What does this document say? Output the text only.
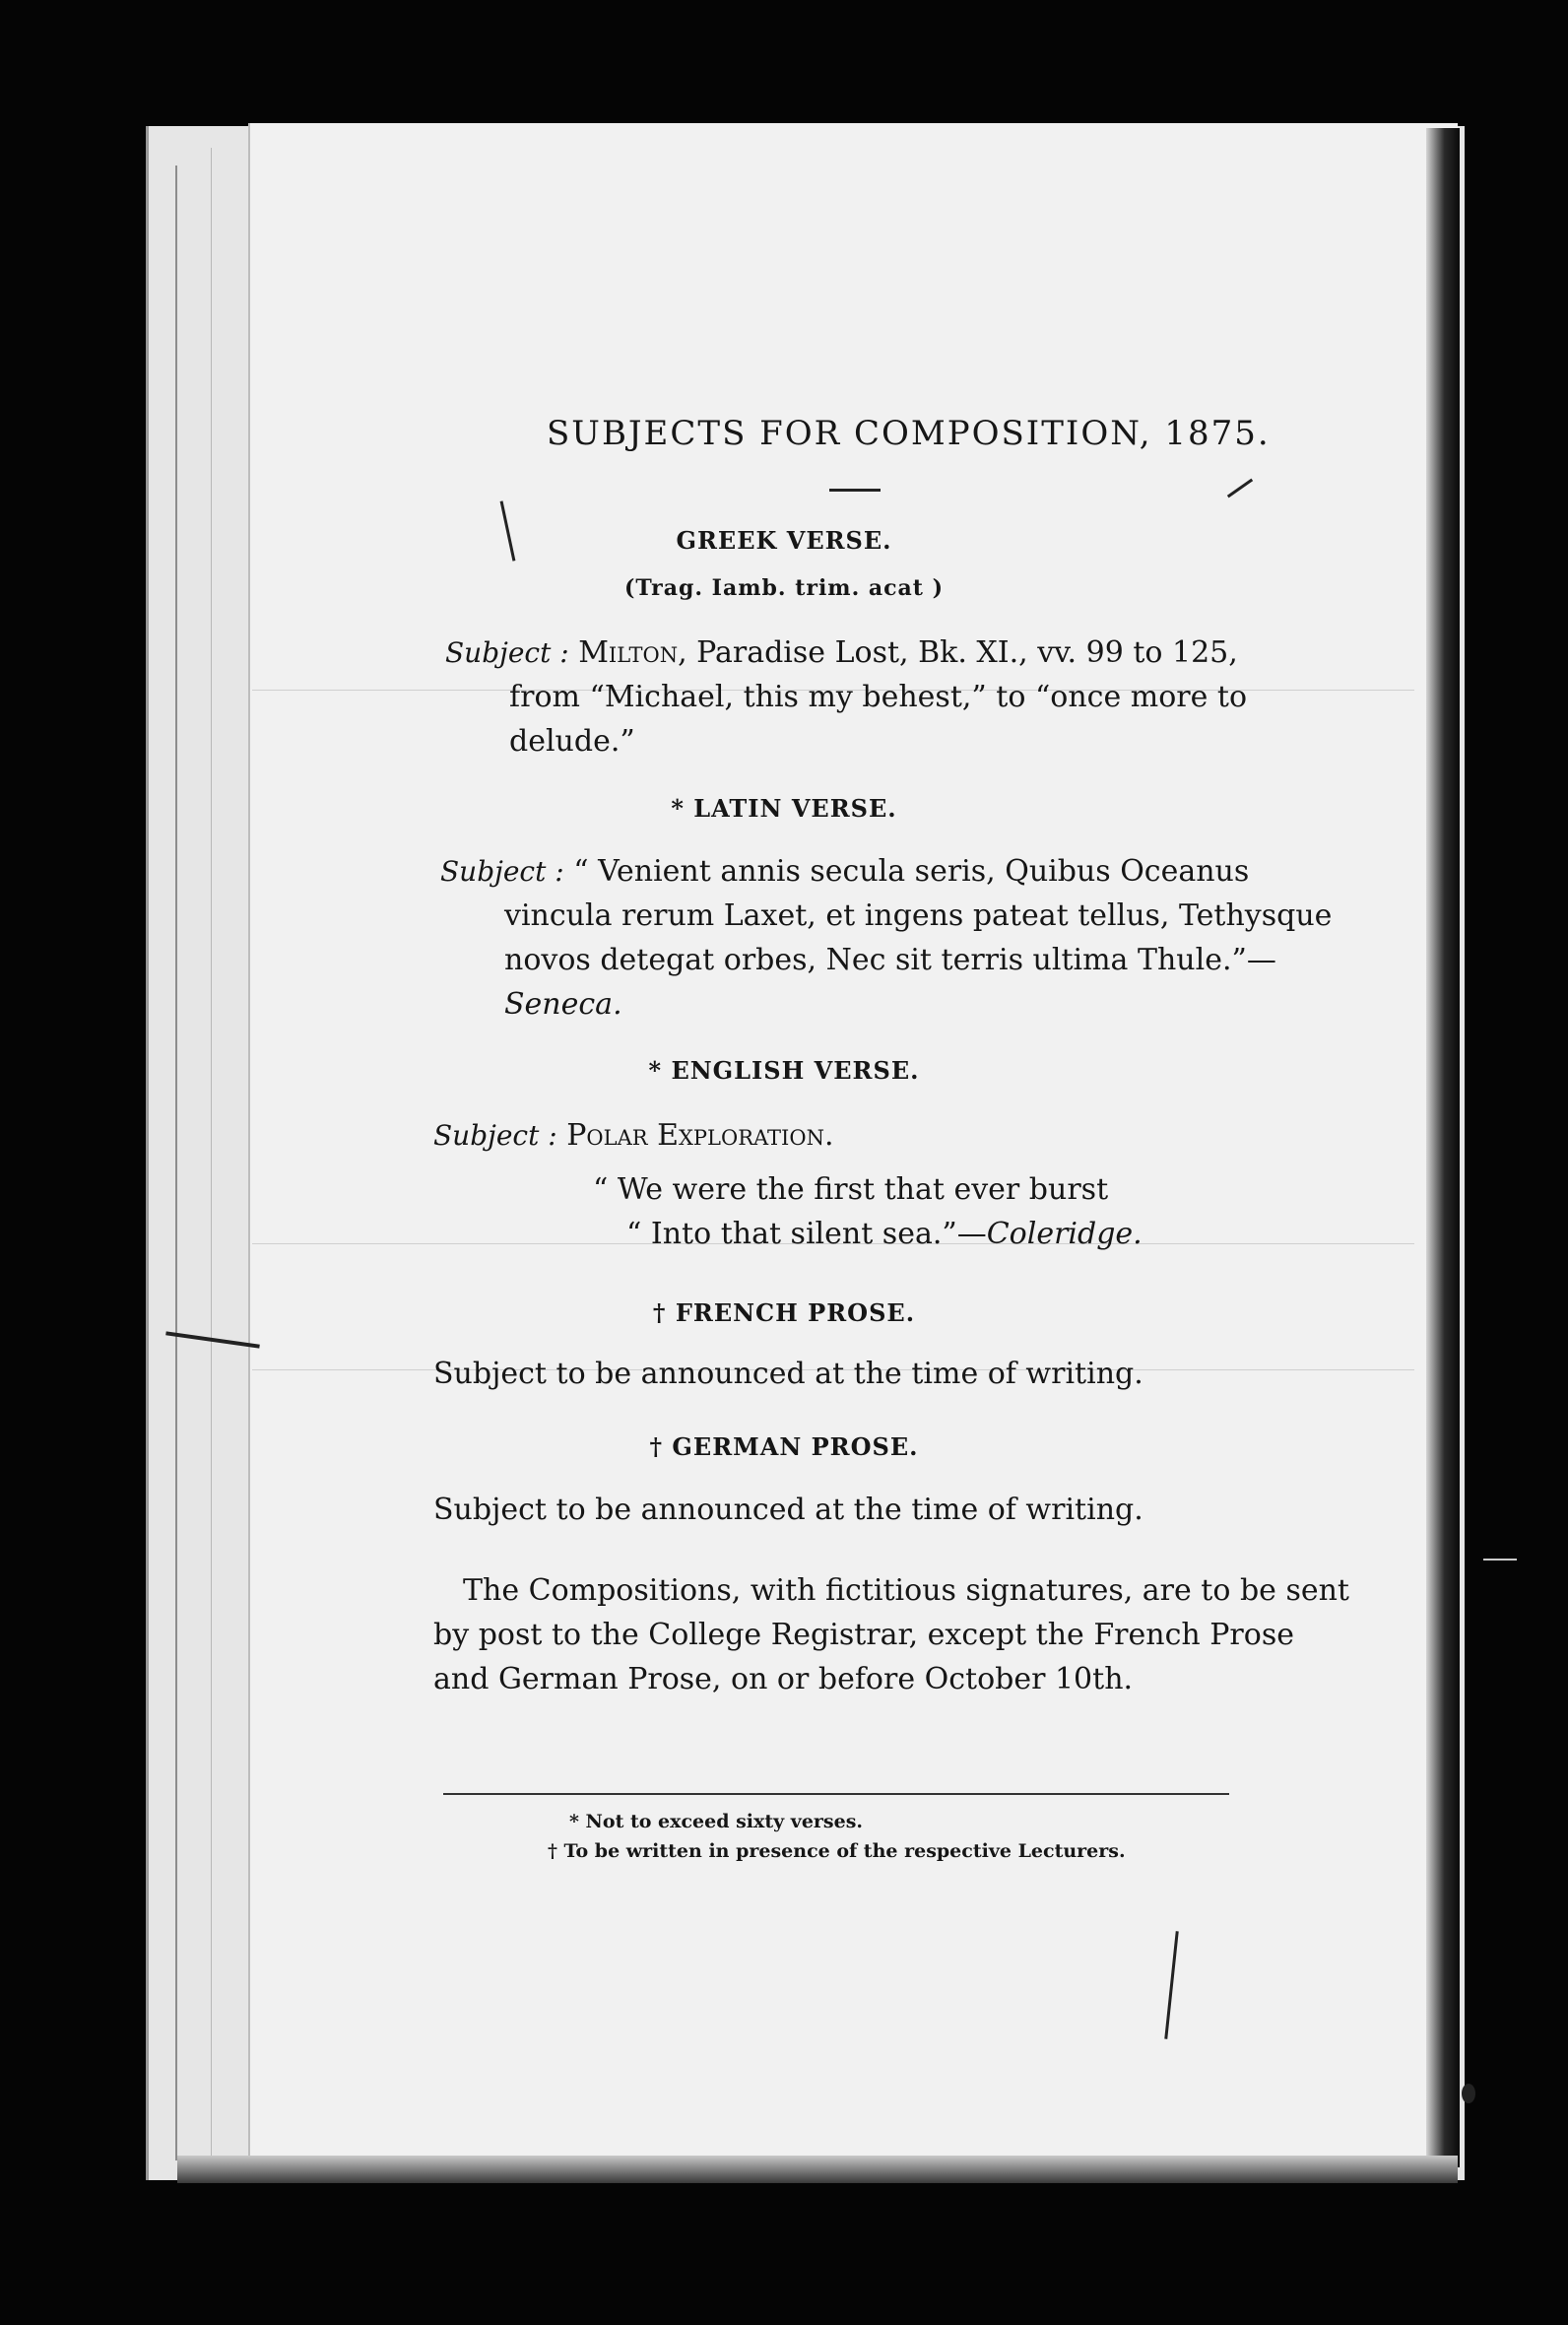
SUBJECTS FOR COMPOSITION, 1875.
GREEK VERSE.
(Trag. Iamb. trim. acat )
Subject : Milton, Paradise Lost, Bk. XI., vv. 99 to 125,
from “Michael, this my behest,” to “once more to
delude.”
* LATIN VERSE.
Subject : “ Venient annis secula seris, Quibus Oceanus
vincula rerum Laxet, et ingens pateat tellus, Tethysque
novos detegat orbes, Nec sit terris ultima Thule.”—
Seneca.
* ENGLISH VERSE.
Subject : Polar Exploration.
“ We were the first that ever burst
“ Into that silent sea.”—Coleridge.
† FRENCH PROSE.
Subject to be announced at the time of writing.
† GERMAN PROSE.
Subject to be announced at the time of writing.
The Compositions, with fictitious signatures, are to be sent
by post to the College Registrar, except the French Prose
and German Prose, on or before October 10th.
* Not to exceed sixty verses.
† To be written in presence of the respective Lecturers.
